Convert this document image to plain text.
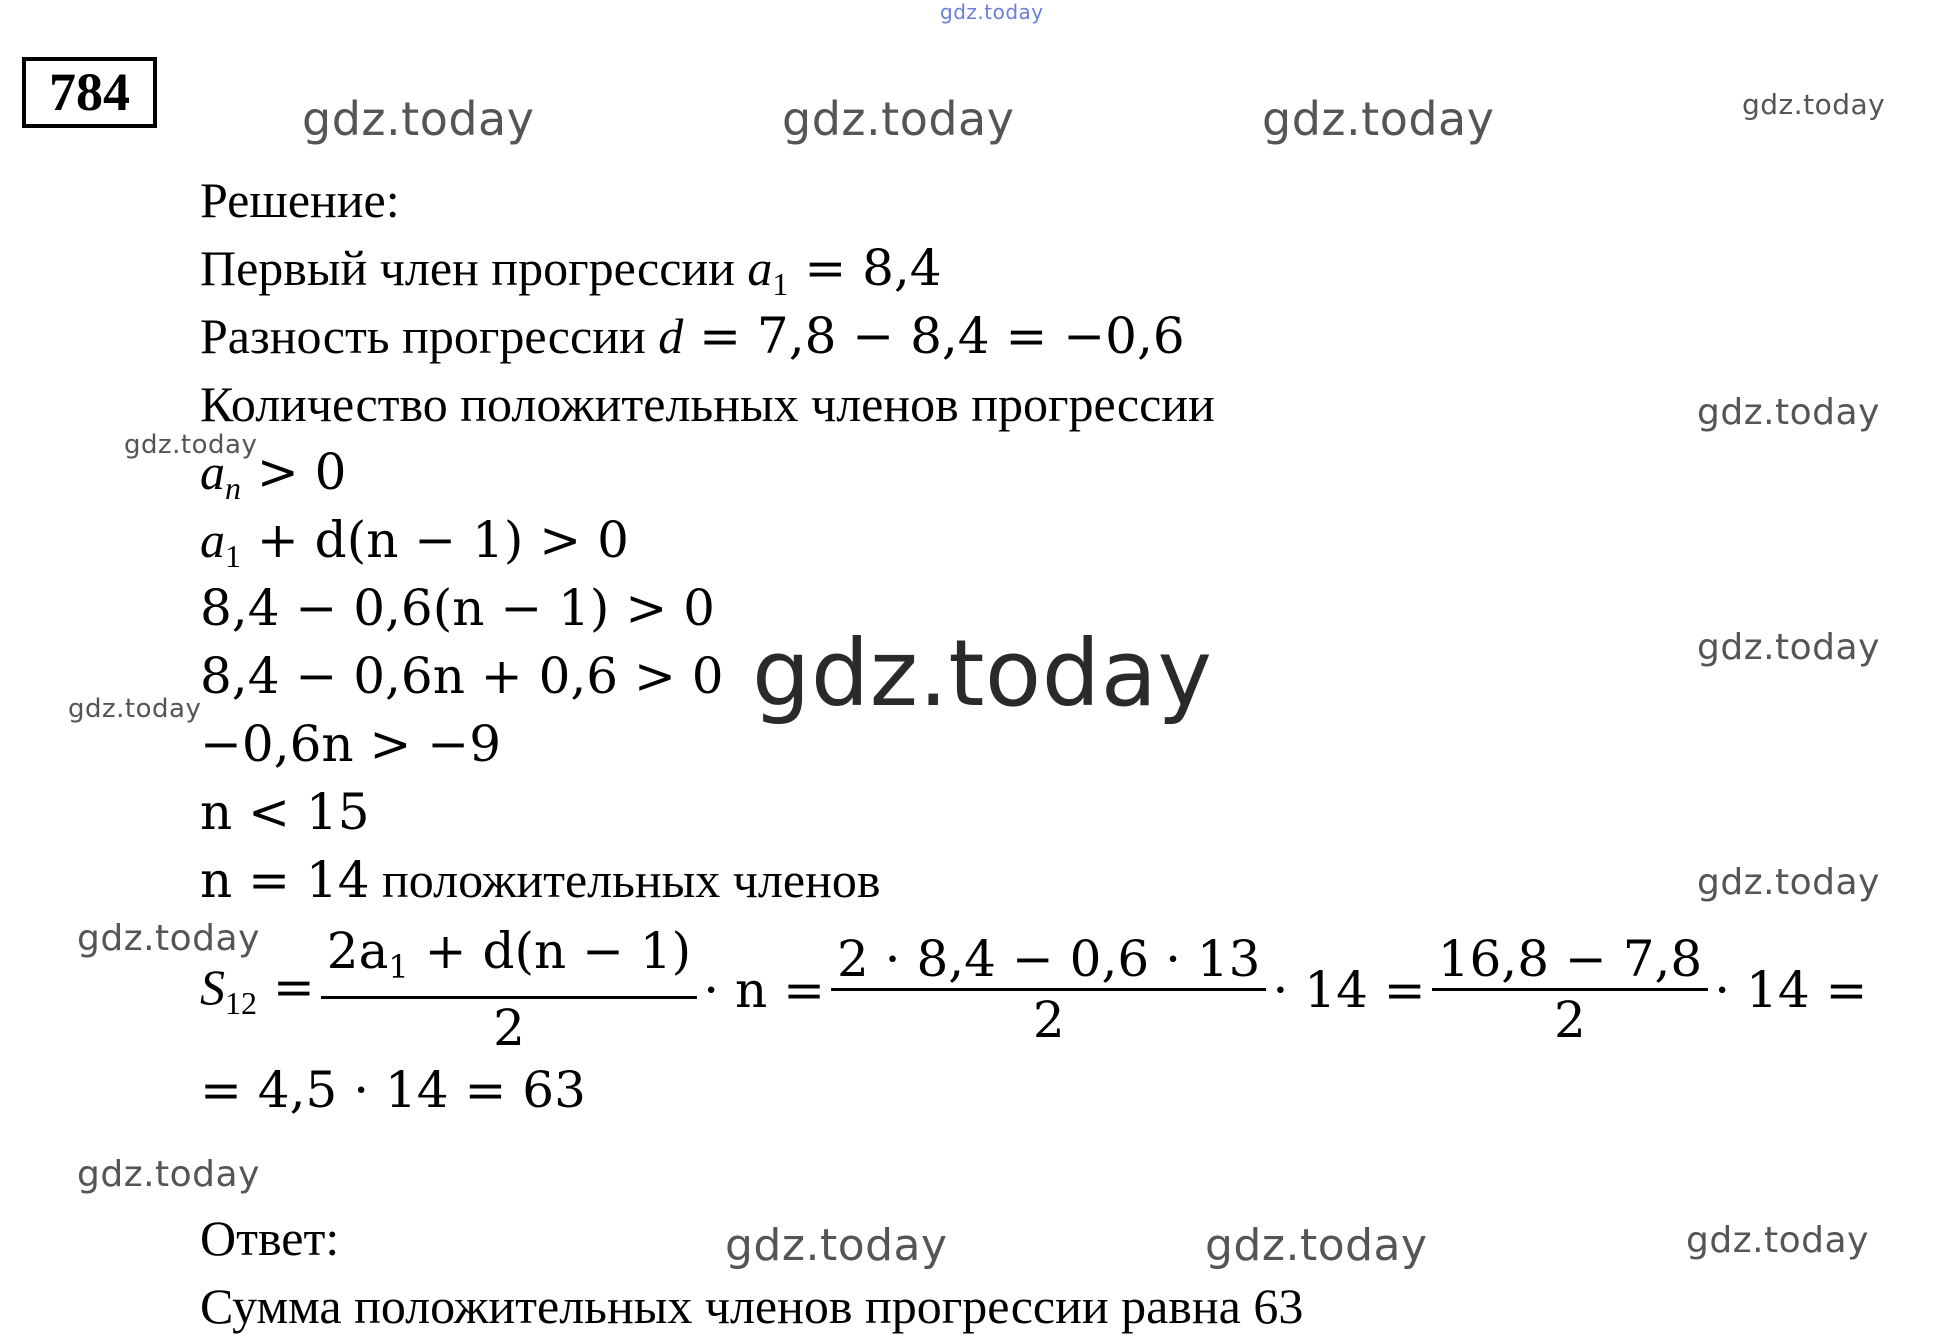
784
gdz.today
gdz.today	gdz.today	gdz.today	gdz.today
gdz.today
gdz.today
gdz.today
gdz.today
gdz.today
gdz.today
gdz.today
gdz.today
gdz.today	gdz.today	gdz.today
Решение:
Первый член прогрессии $a_1 = 8,4$
Разность прогрессии d = 7,8 − 8,4 = −0,6
Количество положительных членов прогрессии
$a_n > 0$
$a_1 + d(n - 1) > 0$
8,4 − 0,6(n − 1) > 0
8,4 − 0,6n + 0,6 > 0
−0,6n > −9
n < 15
n = 14 положительных членов
$S_{12} = \frac{2a_1 + d(n - 1)}{2} \cdot n = \frac{2 \cdot 8,4 - 0,6 \cdot 13}{2} \cdot 14 = \frac{16,8 - 7,8}{2} \cdot 14$ =
= 4,5 · 14 = 63
Ответ:
Сумма положительных членов прогрессии равна 63
